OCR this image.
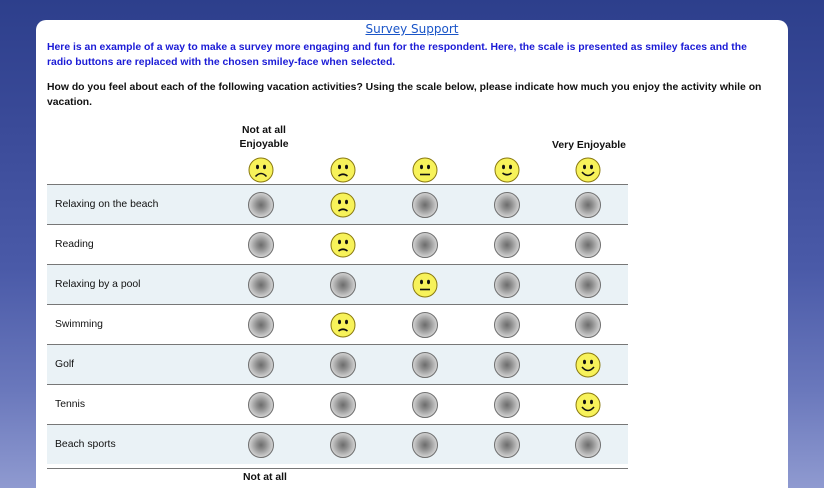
Survey Support
Here is an example of a way to make a survey more engaging and fun for the respondent. Here, the scale is presented as smiley faces and the radio buttons are replaced with the chosen smiley-face when selected.
How do you feel about each of the following vacation activities? Using the scale below, please indicate how much you enjoy the activity while on vacation.
Not at all Enjoyable	Very Enjoyable
Relaxing on the beach
Reading
Relaxing by a pool
Swimming
Golf
Tennis
Beach sports
Not at all
